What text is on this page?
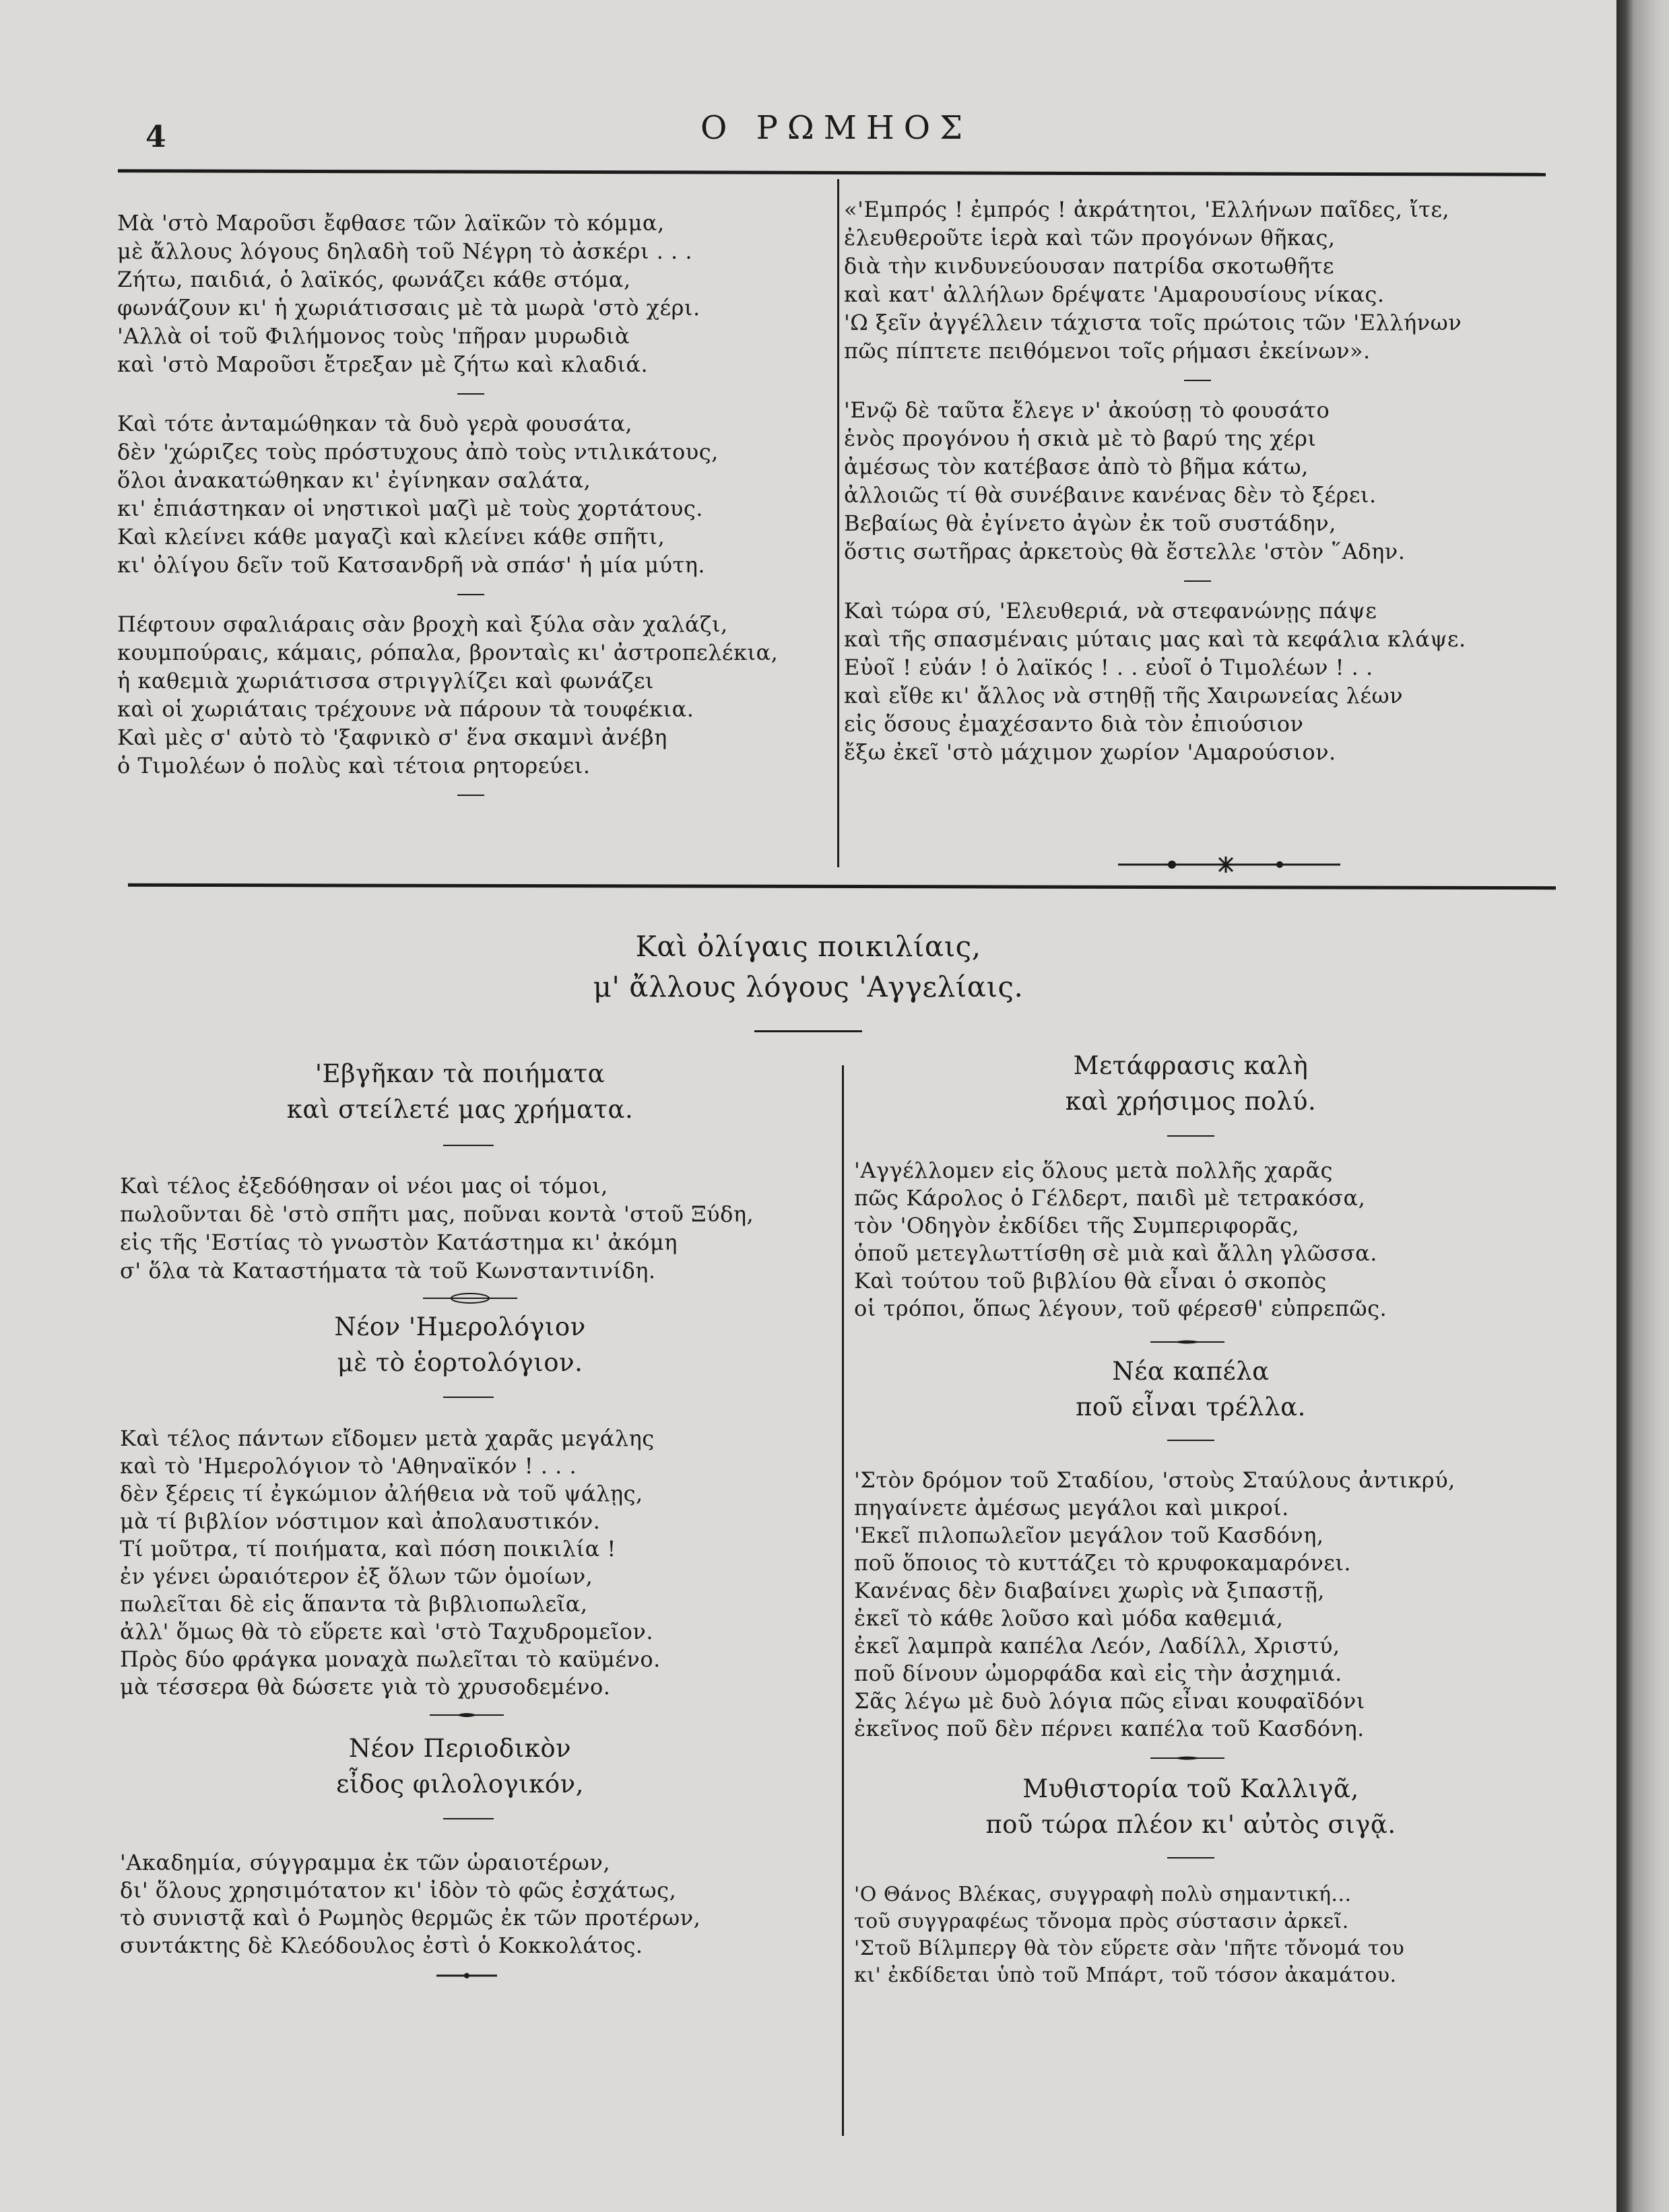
4	Ο ΡΩΜΗΟΣ
Μὰ 'στὸ Μαροῦσι ἔφθασε τῶν λαϊκῶν τὸ κόμμα,
μὲ ἄλλους λόγους δηλαδὴ τοῦ Νέγρη τὸ ἀσκέρι . . .
Ζήτω, παιδιά, ὁ λαϊκός, φωνάζει κάθε στόμα,
φωνάζουν κι' ἡ χωριάτισσαις μὲ τὰ μωρὰ 'στὸ χέρι.
'Αλλὰ οἱ τοῦ Φιλήμονος τοὺς 'πῆραν μυρωδιὰ
καὶ 'στὸ Μαροῦσι ἔτρεξαν μὲ ζήτω καὶ κλαδιά.
Καὶ τότε ἀνταμώθηκαν τὰ δυὸ γερὰ φουσάτα,
δὲν 'χώριζες τοὺς πρόστυχους ἀπὸ τοὺς ντιλικάτους,
ὅλοι ἀνακατώθηκαν κι' ἐγίνηκαν σαλάτα,
κι' ἐπιάστηκαν οἱ νηστικοὶ μαζὶ μὲ τοὺς χορτάτους.
Καὶ κλείνει κάθε μαγαζὶ καὶ κλείνει κάθε σπῆτι,
κι' ὀλίγου δεῖν τοῦ Κατσανδρῆ νὰ σπάσ' ἡ μία μύτη.
Πέφτουν σφαλιάραις σὰν βροχὴ καὶ ξύλα σὰν χαλάζι,
κουμπούραις, κάμαις, ρόπαλα, βρονταὶς κι' ἀστροπελέκια,
ἡ καθεμιὰ χωριάτισσα στριγγλίζει καὶ φωνάζει
καὶ οἱ χωριάταις τρέχουνε νὰ πάρουν τὰ τουφέκια.
Καὶ μὲς σ' αὐτὸ τὸ 'ξαφνικὸ σ' ἕνα σκαμνὶ ἀνέβη
ὁ Τιμολέων ὁ πολὺς καὶ τέτοια ρητορεύει.
«'Εμπρός ! ἐμπρός ! ἀκράτητοι, 'Ελλήνων παῖδες, ἴτε,
ἐλευθεροῦτε ἱερὰ καὶ τῶν προγόνων θῆκας,
διὰ τὴν κινδυνεύουσαν πατρίδα σκοτωθῆτε
καὶ κατ' ἀλλήλων δρέψατε 'Αμαρουσίους νίκας.
'Ω ξεῖν ἀγγέλλειν τάχιστα τοῖς πρώτοις τῶν 'Ελλήνων
πῶς πίπτετε πειθόμενοι τοῖς ρήμασι ἐκείνων».
'Ενῷ δὲ ταῦτα ἔλεγε ν' ἀκούσῃ τὸ φουσάτο
ἑνὸς προγόνου ἡ σκιὰ μὲ τὸ βαρύ της χέρι
ἀμέσως τὸν κατέβασε ἀπὸ τὸ βῆμα κάτω,
ἀλλοιῶς τί θὰ συνέβαινε κανένας δὲν τὸ ξέρει.
Βεβαίως θὰ ἐγίνετο ἀγὼν ἐκ τοῦ συστάδην,
ὅστις σωτῆρας ἀρκετοὺς θὰ ἔστελλε 'στὸν ῞Αδην.
Καὶ τώρα σύ, 'Ελευθεριά, νὰ στεφανώνῃς πάψε
καὶ τῆς σπασμέναις μύταις μας καὶ τὰ κεφάλια κλάψε.
Εὐοῖ ! εὐάν ! ὁ λαϊκός ! . . εὐοῖ ὁ Τιμολέων ! . .
καὶ εἴθε κι' ἄλλος νὰ στηθῇ τῆς Χαιρωνείας λέων
εἰς ὅσους ἐμαχέσαντο διὰ τὸν ἐπιούσιον
ἔξω ἐκεῖ 'στὸ μάχιμον χωρίον 'Αμαρούσιον.
Καὶ ὀλίγαις ποικιλίαις,
μ' ἄλλους λόγους 'Αγγελίαις.
'Εβγῆκαν τὰ ποιήματα
καὶ στείλετέ μας χρήματα.
Καὶ τέλος ἐξεδόθησαν οἱ νέοι μας οἱ τόμοι,
πωλοῦνται δὲ 'στὸ σπῆτι μας, ποῦναι κοντὰ 'στοῦ Ξύδη,
εἰς τῆς 'Εστίας τὸ γνωστὸν Κατάστημα κι' ἀκόμη
σ' ὅλα τὰ Καταστήματα τὰ τοῦ Κωνσταντινίδη.
Νέον 'Ημερολόγιον
μὲ τὸ ἑορτολόγιον.
Καὶ τέλος πάντων εἴδομεν μετὰ χαρᾶς μεγάλης
καὶ τὸ 'Ημερολόγιον τὸ 'Αθηναϊκόν ! . . .
δὲν ξέρεις τί ἐγκώμιον ἀλήθεια νὰ τοῦ ψάλῃς,
μὰ τί βιβλίον νόστιμον καὶ ἀπολαυστικόν.
Τί μοῦτρα, τί ποιήματα, καὶ πόση ποικιλία !
ἐν γένει ὡραιότερον ἐξ ὅλων τῶν ὁμοίων,
πωλεῖται δὲ εἰς ἅπαντα τὰ βιβλιοπωλεῖα,
ἀλλ' ὅμως θὰ τὸ εὕρετε καὶ 'στὸ Ταχυδρομεῖον.
Πρὸς δύο φράγκα μοναχὰ πωλεῖται τὸ καϋμένο.
μὰ τέσσερα θὰ δώσετε γιὰ τὸ χρυσοδεμένο.
Νέον Περιοδικὸν
εἶδος φιλολογικόν,
'Ακαδημία, σύγγραμμα ἐκ τῶν ὡραιοτέρων,
δι' ὅλους χρησιμότατον κι' ἰδὸν τὸ φῶς ἐσχάτως,
τὸ συνιστᾷ καὶ ὁ Ρωμηὸς θερμῶς ἐκ τῶν προτέρων,
συντάκτης δὲ Κλεόδουλος ἐστὶ ὁ Κοκκολάτος.
Μετάφρασις καλὴ
καὶ χρήσιμος πολύ.
'Αγγέλλομεν εἰς ὅλους μετὰ πολλῆς χαρᾶς
πῶς Κάρολος ὁ Γέλδερτ, παιδὶ μὲ τετρακόσα,
τὸν 'Οδηγὸν ἐκδίδει τῆς Συμπεριφορᾶς,
ὁποῦ μετεγλωττίσθη σὲ μιὰ καὶ ἄλλη γλῶσσα.
Καὶ τούτου τοῦ βιβλίου θὰ εἶναι ὁ σκοπὸς
οἱ τρόποι, ὅπως λέγουν, τοῦ φέρεσθ' εὐπρεπῶς.
Νέα καπέλα
ποῦ εἶναι τρέλλα.
'Στὸν δρόμον τοῦ Σταδίου, 'στοὺς Σταύλους ἀντικρύ,
πηγαίνετε ἀμέσως μεγάλοι καὶ μικροί.
'Εκεῖ πιλοπωλεῖον μεγάλον τοῦ Κασδόνη,
ποῦ ὅποιος τὸ κυττάζει τὸ κρυφοκαμαρόνει.
Κανένας δὲν διαβαίνει χωρὶς νὰ ξιπαστῇ,
ἐκεῖ τὸ κάθε λοῦσο καὶ μόδα καθεμιά,
ἐκεῖ λαμπρὰ καπέλα Λεόν, Λαδίλλ, Χριστύ,
ποῦ δίνουν ὠμορφάδα καὶ εἰς τὴν ἀσχημιά.
Σᾶς λέγω μὲ δυὸ λόγια πῶς εἶναι κουφαϊδόνι
ἐκεῖνος ποῦ δὲν πέρνει καπέλα τοῦ Κασδόνη.
Μυθιστορία τοῦ Καλλιγᾶ,
ποῦ τώρα πλέον κι' αὐτὸς σιγᾷ.
'Ο Θάνος Βλέκας, συγγραφὴ πολὺ σημαντική...
τοῦ συγγραφέως τὄνομα πρὸς σύστασιν ἀρκεῖ.
'Στοῦ Βίλμπεργ θὰ τὸν εὕρετε σὰν 'πῆτε τὄνομά του
κι' ἐκδίδεται ὑπὸ τοῦ Μπάρτ, τοῦ τόσον ἀκαμάτου.
